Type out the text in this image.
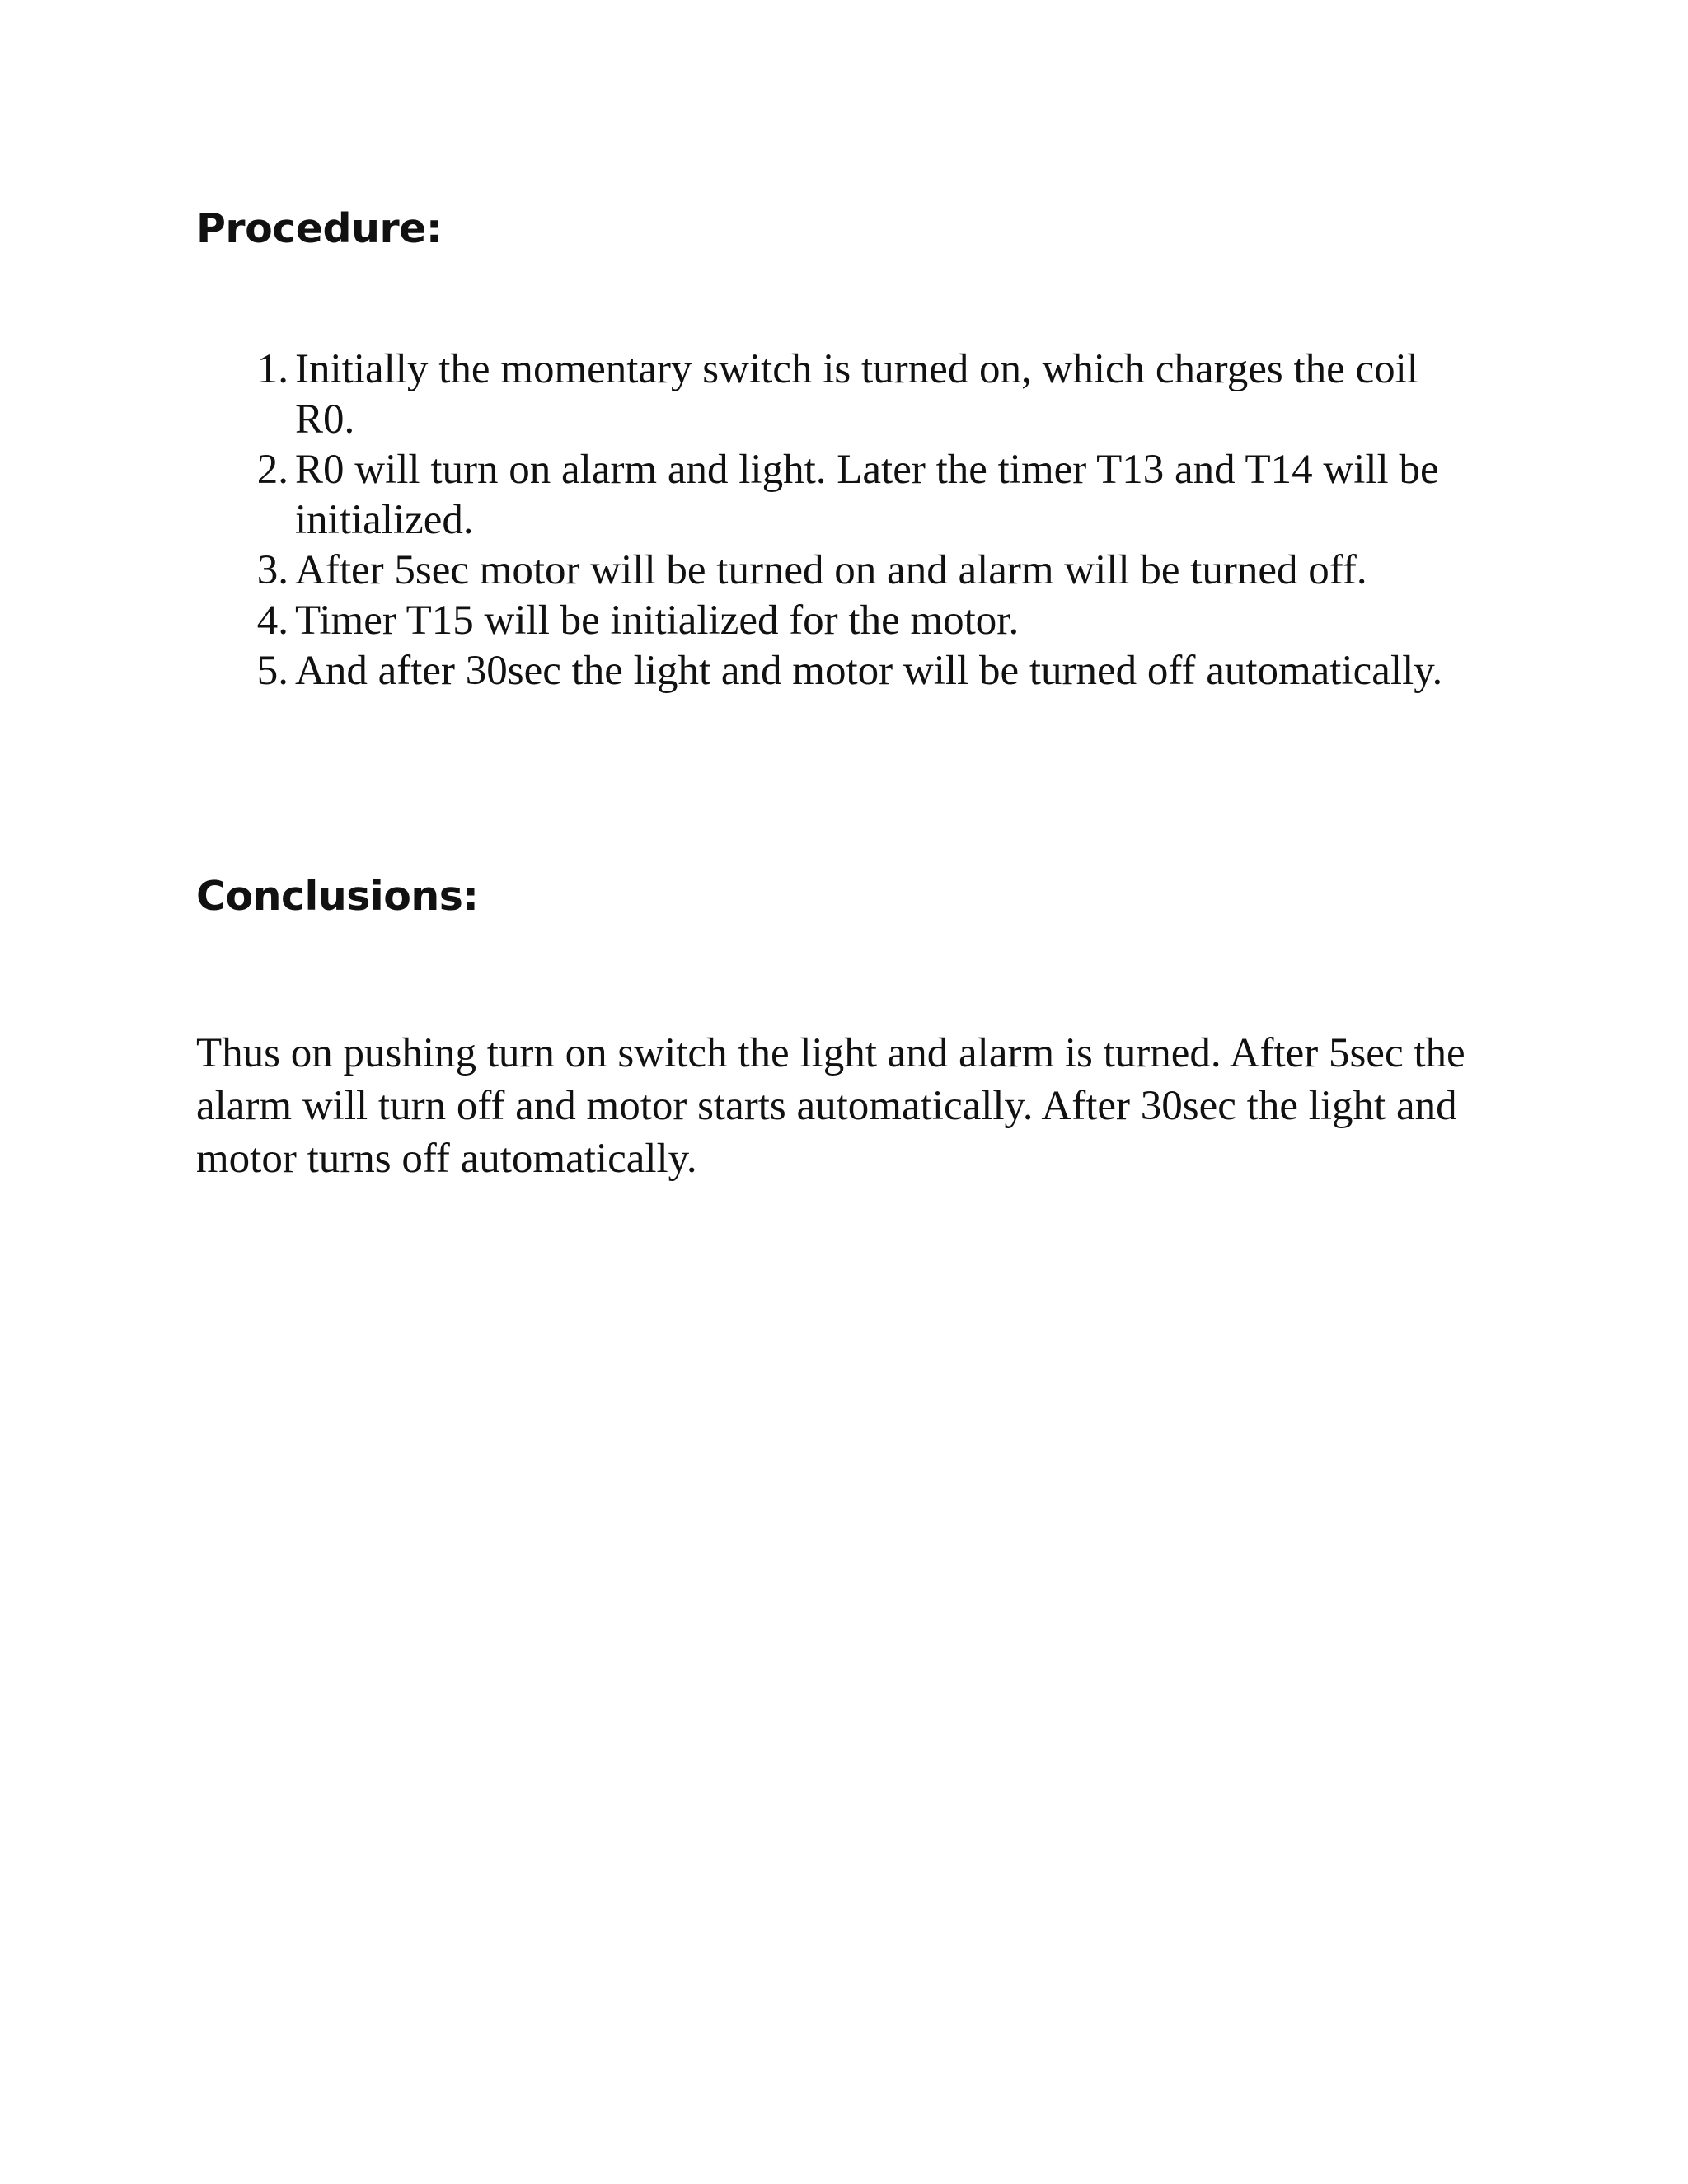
Procedure:
1. Initially the momentary switch is turned on, which charges the coil R0.
2. R0 will turn on alarm and light. Later the timer T13 and T14 will be initialized.
3. After 5sec motor will be turned on and alarm will be turned off.
4. Timer T15 will be initialized for the motor.
5. And after 30sec the light and motor will be turned off automatically.
Conclusions:

Thus on pushing turn on switch the light and alarm is turned. After 5sec the alarm will turn off and motor starts automatically. After 30sec the light and motor turns off automatically.
